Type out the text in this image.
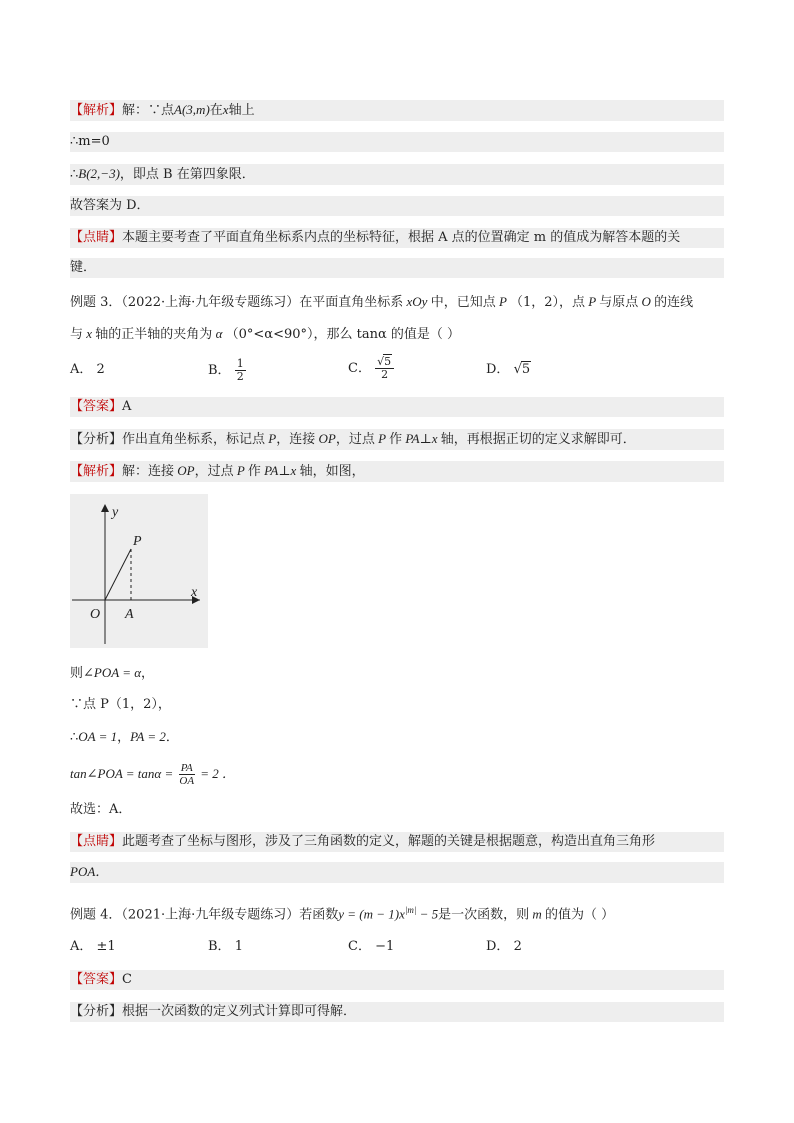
【解析】解：∵点A(3,m)在x轴上
∴m=0
∴B(2,−3)，即点 B 在第四象限．
故答案为 D．
【点睛】本题主要考查了平面直角坐标系内点的坐标特征，根据 A 点的位置确定 m 的值成为解答本题的关
键．
例题 3．（2022·上海·九年级专题练习）在平面直角坐标系 xOy 中，已知点 P （1，2），点 P 与原点 O 的连线
与 x 轴的正半轴的夹角为 α （0°<α<90°），那么 tanα 的值是（ ）
A． 2	B． $\frac{1}{2}$	C． $\frac{√5}{2}$	D． √5
【答案】A
【分析】作出直角坐标系，标记点 P，连接 OP，过点 P 作 PA⊥x 轴，再根据正切的定义求解即可．
【解析】解：连接 OP，过点 P 作 PA⊥x 轴，如图，
y
x
P
O A
则∠POA = α，
∵点 P（1，2），
∴OA = 1，PA = 2．
tan∠POA = $\tan\alpha = \frac{PA}{OA} = 2$ ．
故选：A．
【点睛】此题考查了坐标与图形，涉及了三角函数的定义，解题的关键是根据题意，构造出直角三角形
POA．
例题 4．（2021·上海·九年级专题练习）若函数$y = (m - 1)x^{|m|} - 5$是一次函数，则 m 的值为（ ）
A． ±1	B． 1	C． −1	D． 2
【答案】C
【分析】根据一次函数的定义列式计算即可得解．
